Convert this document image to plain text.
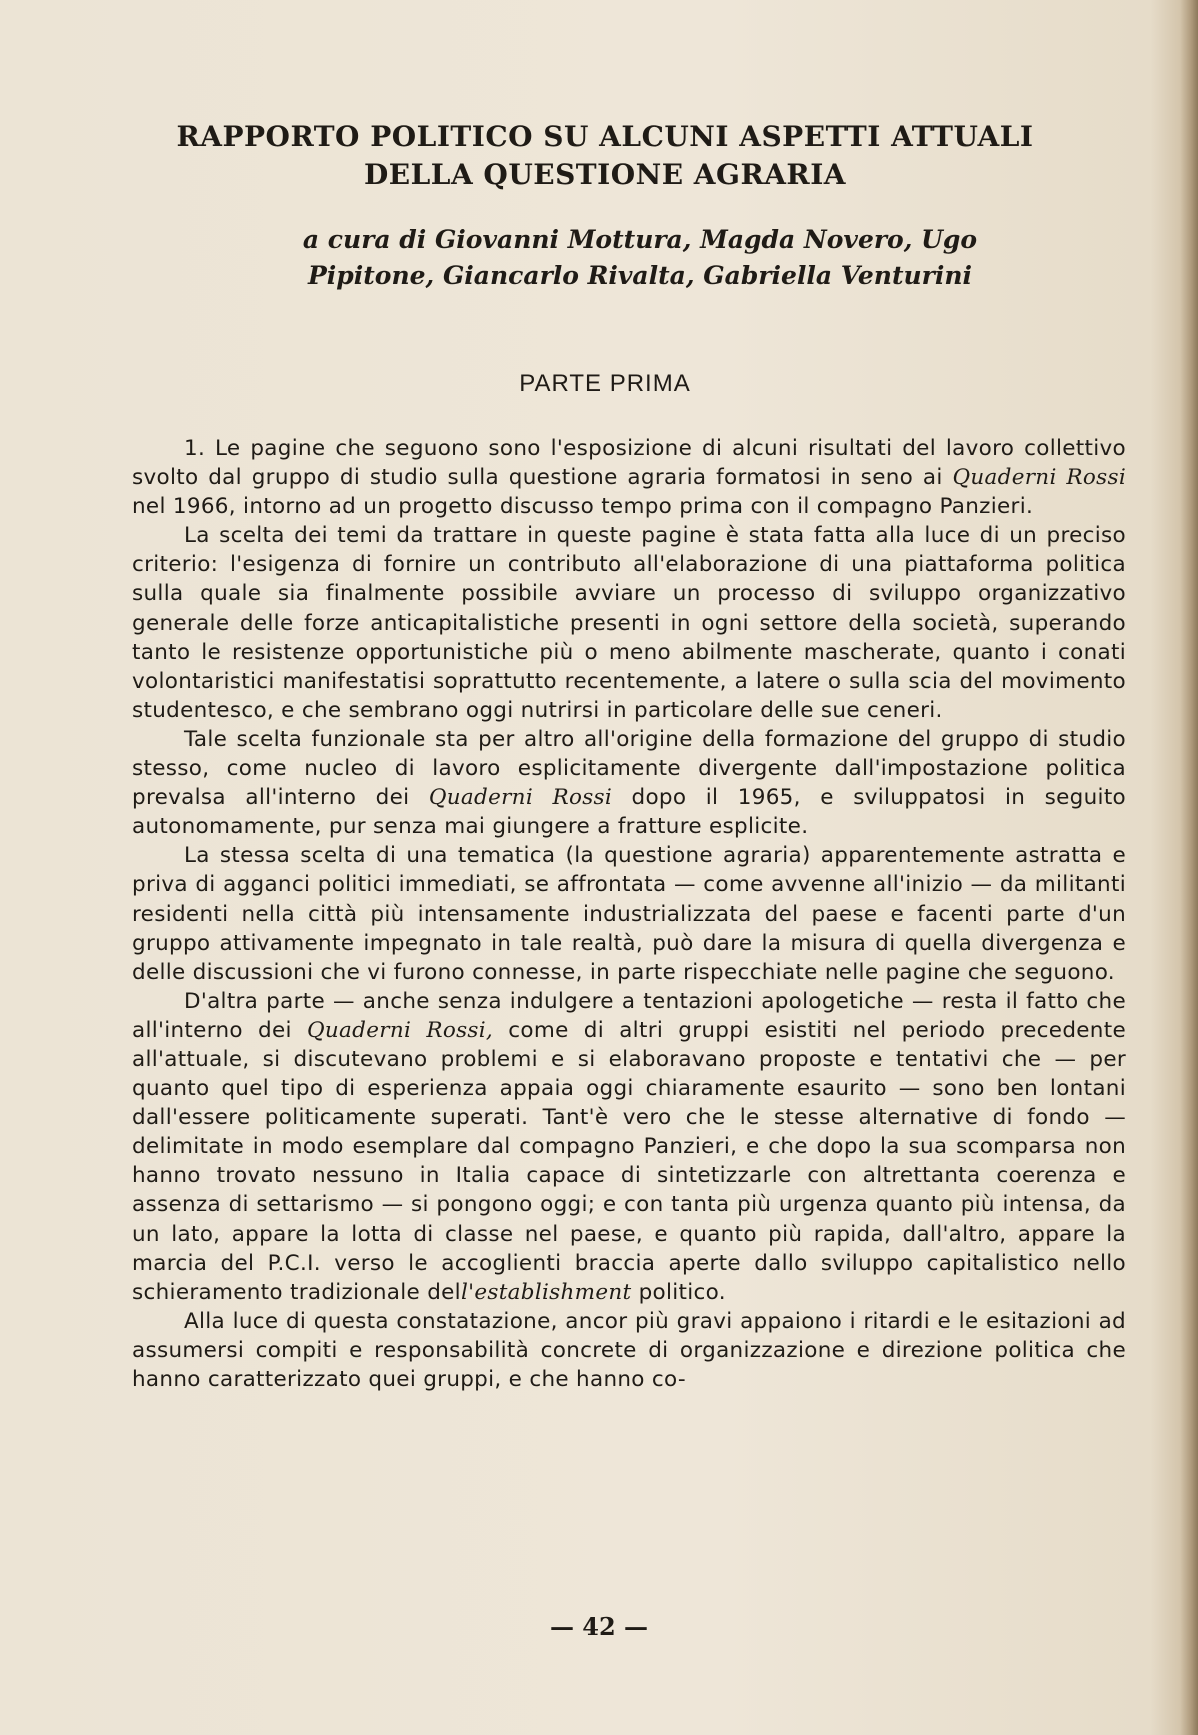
RAPPORTO POLITICO SU ALCUNI ASPETTI ATTUALI
DELLA QUESTIONE AGRARIA
a cura di Giovanni Mottura, Magda Novero, Ugo
Pipitone, Giancarlo Rivalta, Gabriella Venturini
PARTE PRIMA

1. Le pagine che seguono sono l'esposizione di alcuni risultati del lavoro collettivo svolto dal gruppo di studio sulla questione agraria formatosi in seno ai Quaderni Rossi nel 1966, intorno ad un progetto discusso tempo prima con il compagno Panzieri.

La scelta dei temi da trattare in queste pagine è stata fatta alla luce di un preciso criterio: l'esigenza di fornire un contributo all'elaborazione di una piattaforma politica sulla quale sia finalmente possibile avviare un processo di sviluppo organizzativo generale delle forze anticapitalistiche presenti in ogni settore della società, superando tanto le resistenze opportunistiche più o meno abilmente mascherate, quanto i conati volontaristici manifestatisi soprattutto recentemente, a latere o sulla scia del movimento studentesco, e che sembrano oggi nutrirsi in particolare delle sue ceneri.

Tale scelta funzionale sta per altro all'origine della formazione del gruppo di studio stesso, come nucleo di lavoro esplicitamente divergente dall'impostazione politica prevalsa all'interno dei Quaderni Rossi dopo il 1965, e sviluppatosi in seguito autonomamente, pur senza mai giungere a fratture esplicite.

La stessa scelta di una tematica (la questione agraria) apparentemente astratta e priva di agganci politici immediati, se affrontata — come avvenne all'inizio — da militanti residenti nella città più intensamente industrializzata del paese e facenti parte d'un gruppo attivamente impegnato in tale realtà, può dare la misura di quella divergenza e delle discussioni che vi furono connesse, in parte rispecchiate nelle pagine che seguono.

D'altra parte — anche senza indulgere a tentazioni apologetiche — resta il fatto che all'interno dei Quaderni Rossi, come di altri gruppi esistiti nel periodo precedente all'attuale, si discutevano problemi e si elaboravano proposte e tentativi che — per quanto quel tipo di esperienza appaia oggi chiaramente esaurito — sono ben lontani dall'essere politicamente superati. Tant'è vero che le stesse alternative di fondo — delimitate in modo esemplare dal compagno Panzieri, e che dopo la sua scomparsa non hanno trovato nessuno in Italia capace di sintetizzarle con altrettanta coerenza e assenza di settarismo — si pongono oggi; e con tanta più urgenza quanto più intensa, da un lato, appare la lotta di classe nel paese, e quanto più rapida, dall'altro, appare la marcia del P.C.I. verso le accoglienti braccia aperte dallo sviluppo capitalistico nello schieramento tradizionale dell'establishment politico.

Alla luce di questa constatazione, ancor più gravi appaiono i ritardi e le esitazioni ad assumersi compiti e responsabilità concrete di organizzazione e direzione politica che hanno caratterizzato quei gruppi, e che hanno co-

— 42 —
